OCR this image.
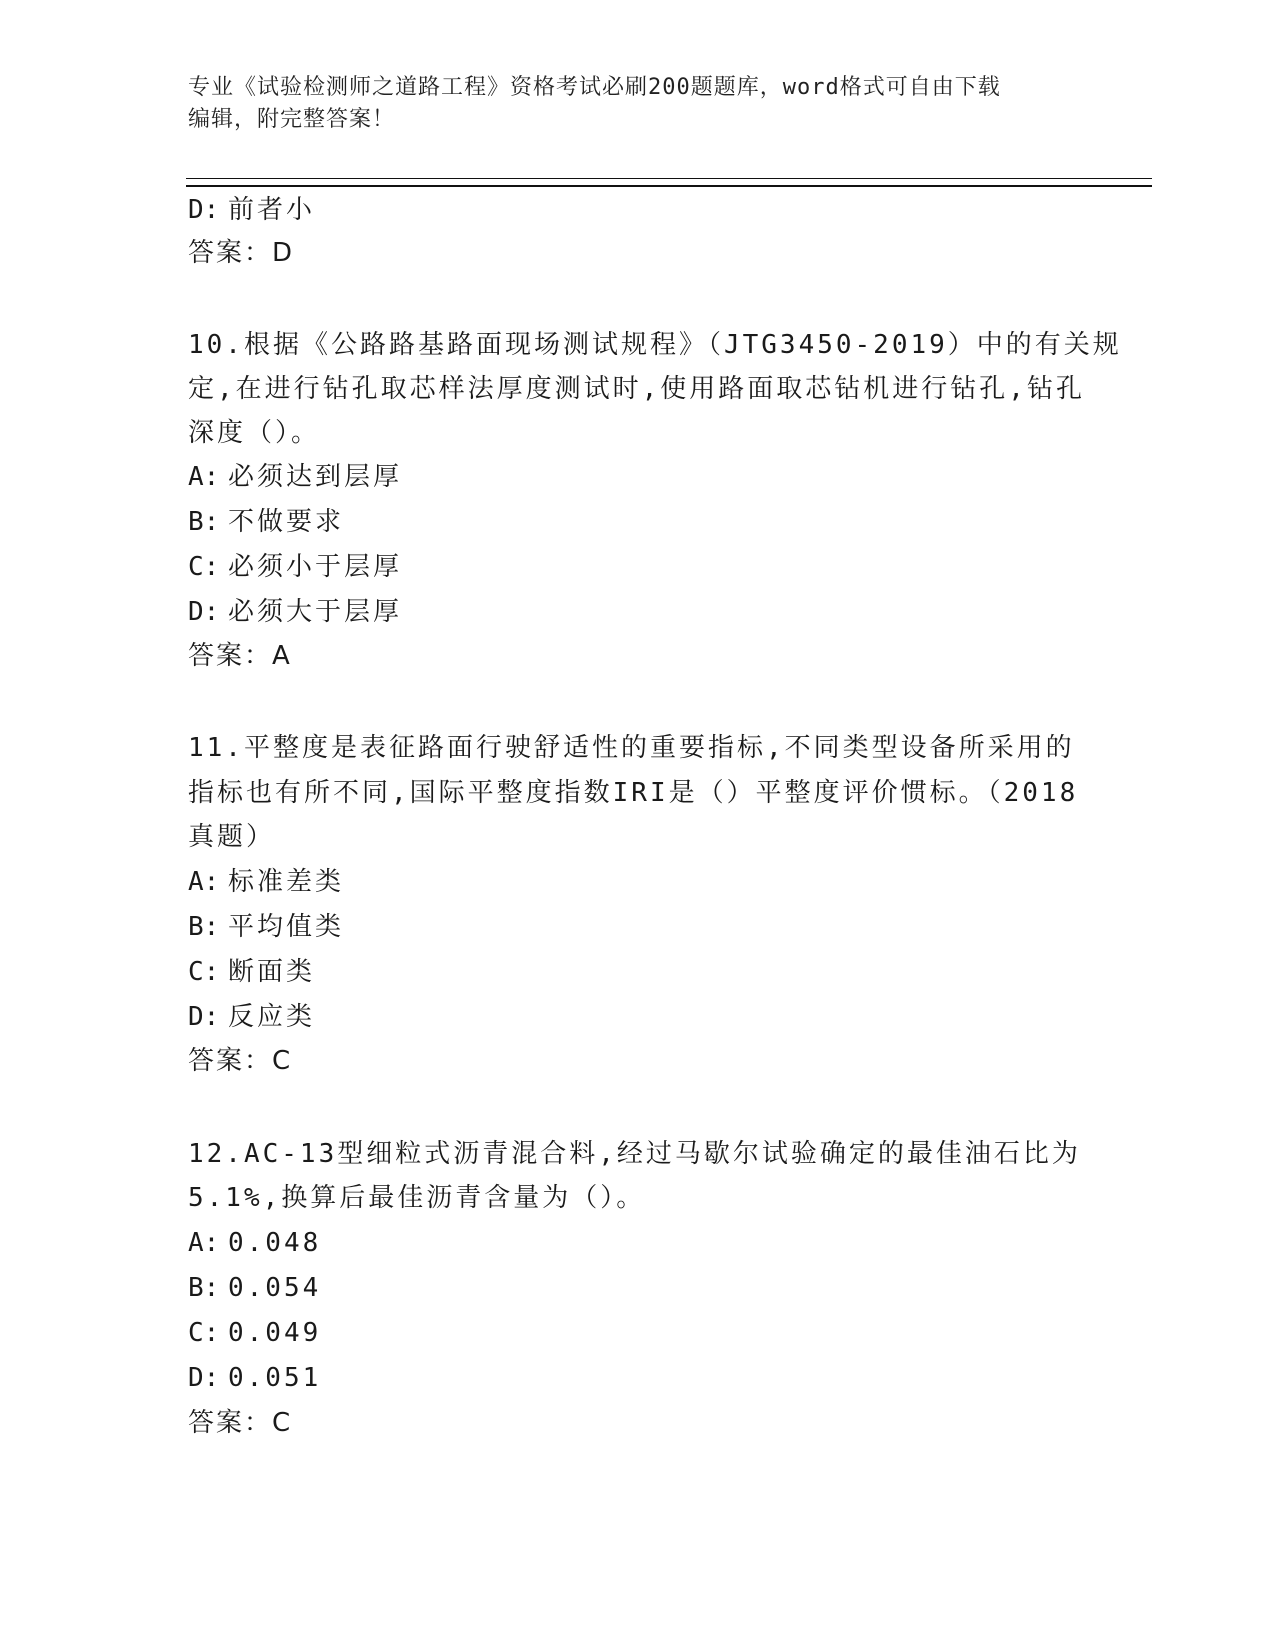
专业《试验检测师之道路工程》资格考试必刷200题题库，word格式可自由下载
编辑，附完整答案！
D: 前者小
答案：D
10.根据《公路路基路面现场测试规程》（JTG3450-2019）中的有关规
定,在进行钻孔取芯样法厚度测试时,使用路面取芯钻机进行钻孔,钻孔
深度（）。
A: 必须达到层厚
B: 不做要求
C: 必须小于层厚
D: 必须大于层厚
答案：A
11.平整度是表征路面行驶舒适性的重要指标,不同类型设备所采用的
指标也有所不同,国际平整度指数IRI是（）平整度评价惯标。（2018
真题）
A: 标准差类
B: 平均值类
C: 断面类
D: 反应类
答案：C
12.AC-13型细粒式沥青混合料,经过马歇尔试验确定的最佳油石比为
5.1%,换算后最佳沥青含量为（）。
A: 0.048
B: 0.054
C: 0.049
D: 0.051
答案：C
